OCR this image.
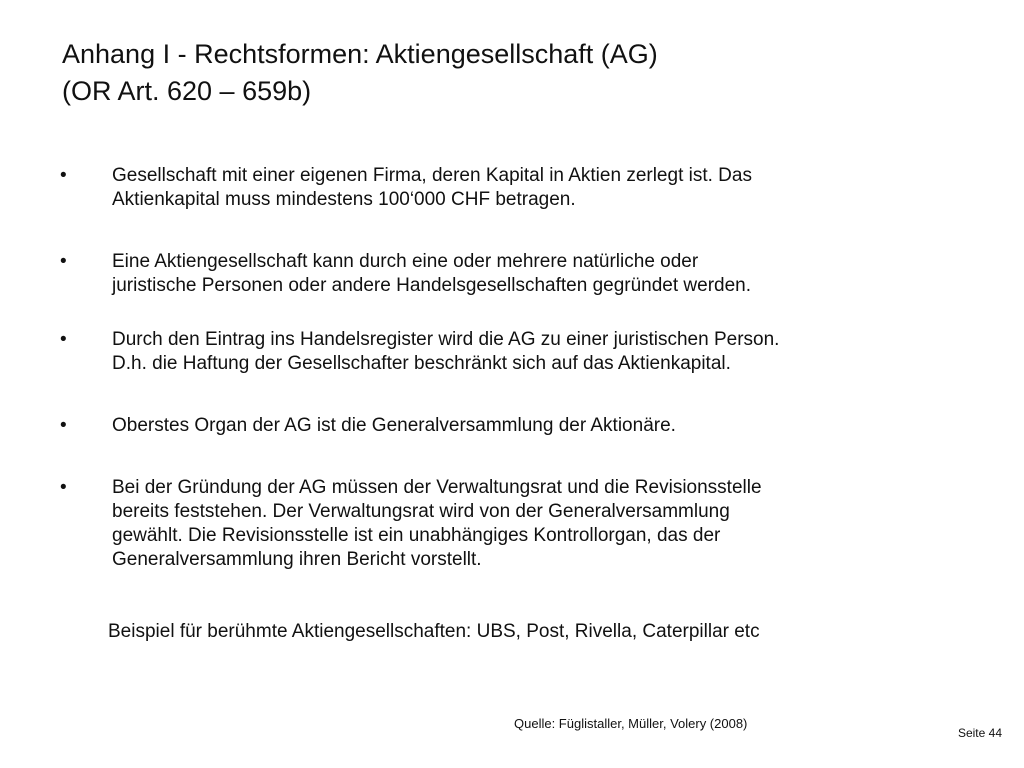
Anhang I - Rechtsformen: Aktiengesellschaft (AG)
(OR Art. 620 – 659b)
•	Gesellschaft mit einer eigenen Firma, deren Kapital in Aktien zerlegt ist. Das
Aktienkapital muss mindestens 100‘000 CHF betragen.
•	Eine Aktiengesellschaft kann durch eine oder mehrere natürliche oder
juristische Personen oder andere Handelsgesellschaften gegründet werden.
•	Durch den Eintrag ins Handelsregister wird die AG zu einer juristischen Person.
D.h. die Haftung der Gesellschafter beschränkt sich auf das Aktienkapital.
•	Oberstes Organ der AG ist die Generalversammlung der Aktionäre.
•	Bei der Gründung der AG müssen der Verwaltungsrat und die Revisionsstelle
bereits feststehen. Der Verwaltungsrat wird von der Generalversammlung
gewählt. Die Revisionsstelle ist ein unabhängiges Kontrollorgan, das der
Generalversammlung ihren Bericht vorstellt.
Beispiel für berühmte Aktiengesellschaften: UBS, Post, Rivella, Caterpillar etc
Quelle: Füglistaller, Müller, Volery (2008)
Seite 44
